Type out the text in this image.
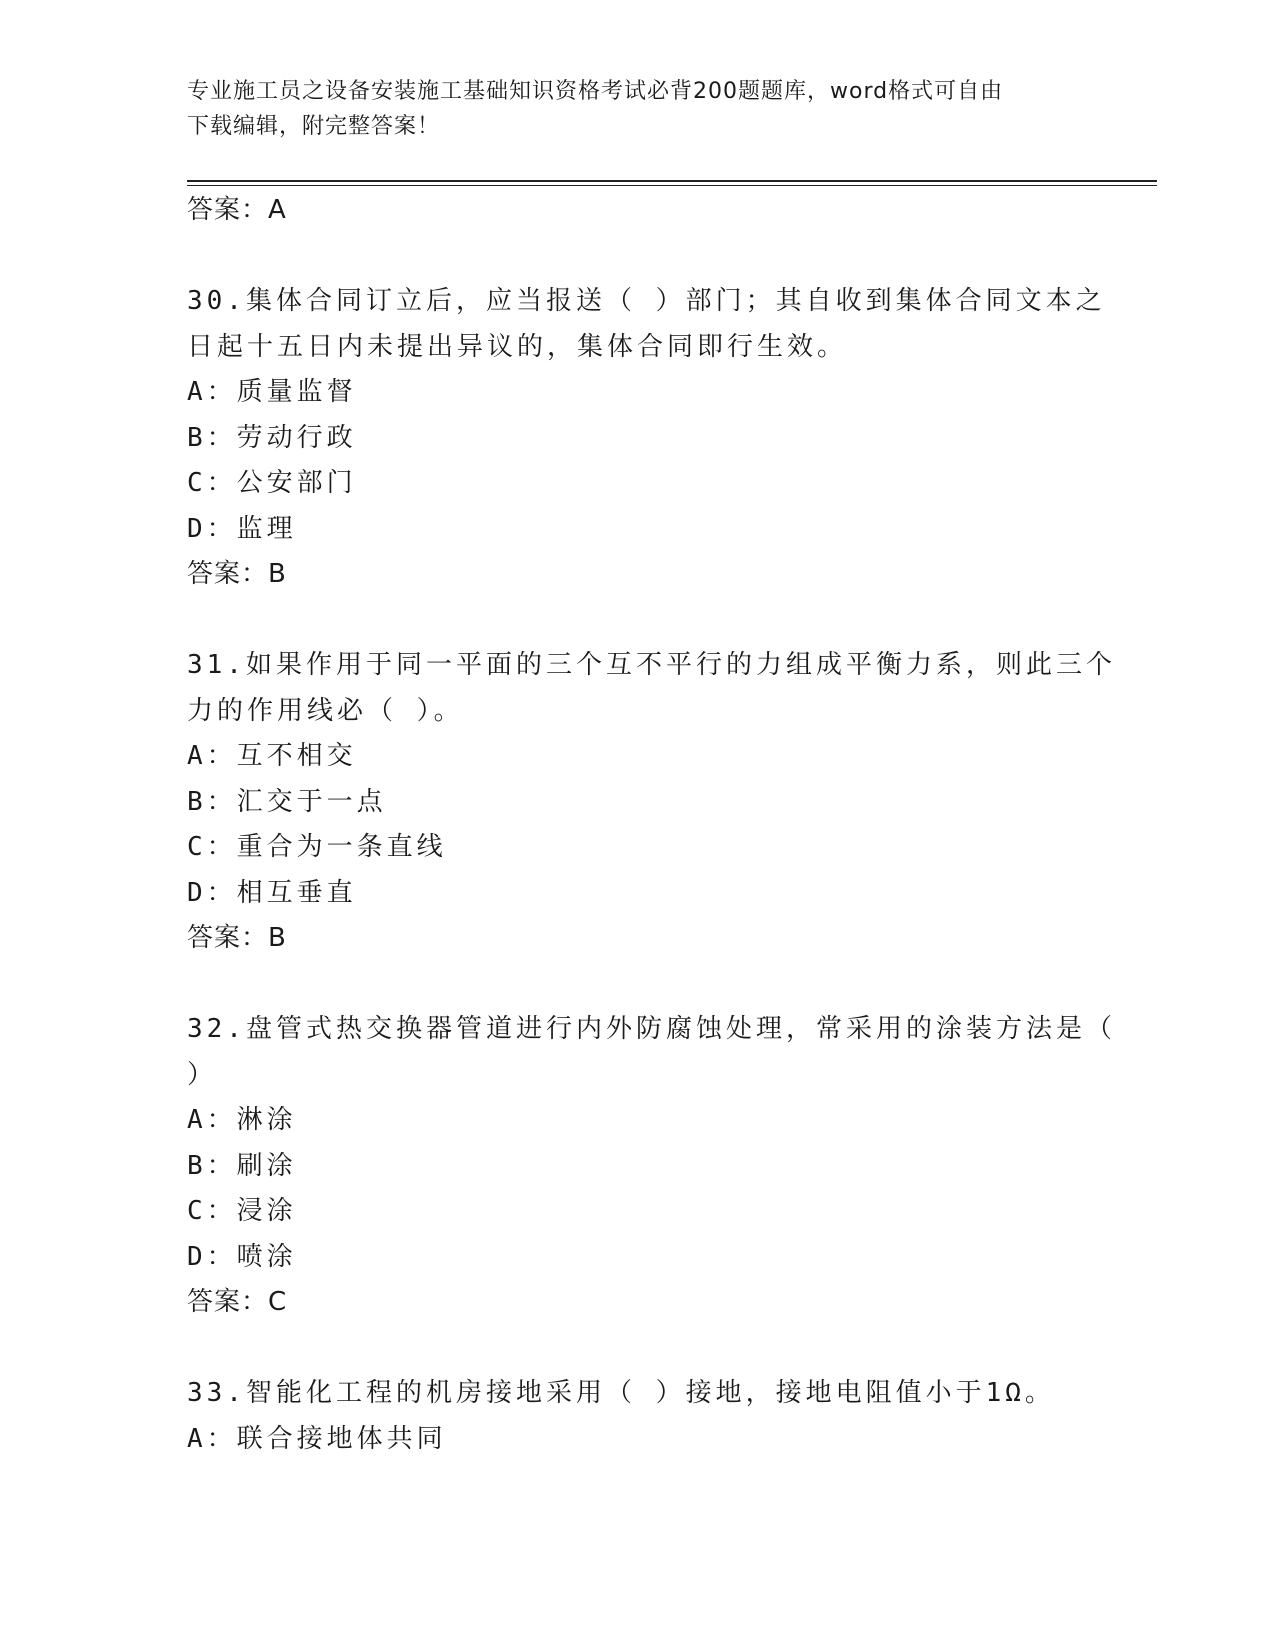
专业施工员之设备安装施工基础知识资格考试必背200题题库，word格式可自由
下载编辑，附完整答案！
答案：A
30.集体合同订立后，应当报送（ ）部门；其自收到集体合同文本之
日起十五日内未提出异议的，集体合同即行生效。
A：质量监督
B：劳动行政
C：公安部门
D：监理
答案：B
31.如果作用于同一平面的三个互不平行的力组成平衡力系，则此三个
力的作用线必（ ）。
A：互不相交
B：汇交于一点
C：重合为一条直线
D：相互垂直
答案：B
32.盘管式热交换器管道进行内外防腐蚀处理，常采用的涂装方法是（
）
A：淋涂
B：刷涂
C：浸涂
D：喷涂
答案：C
33.智能化工程的机房接地采用（ ）接地，接地电阻值小于1Ω。
A：联合接地体共同
